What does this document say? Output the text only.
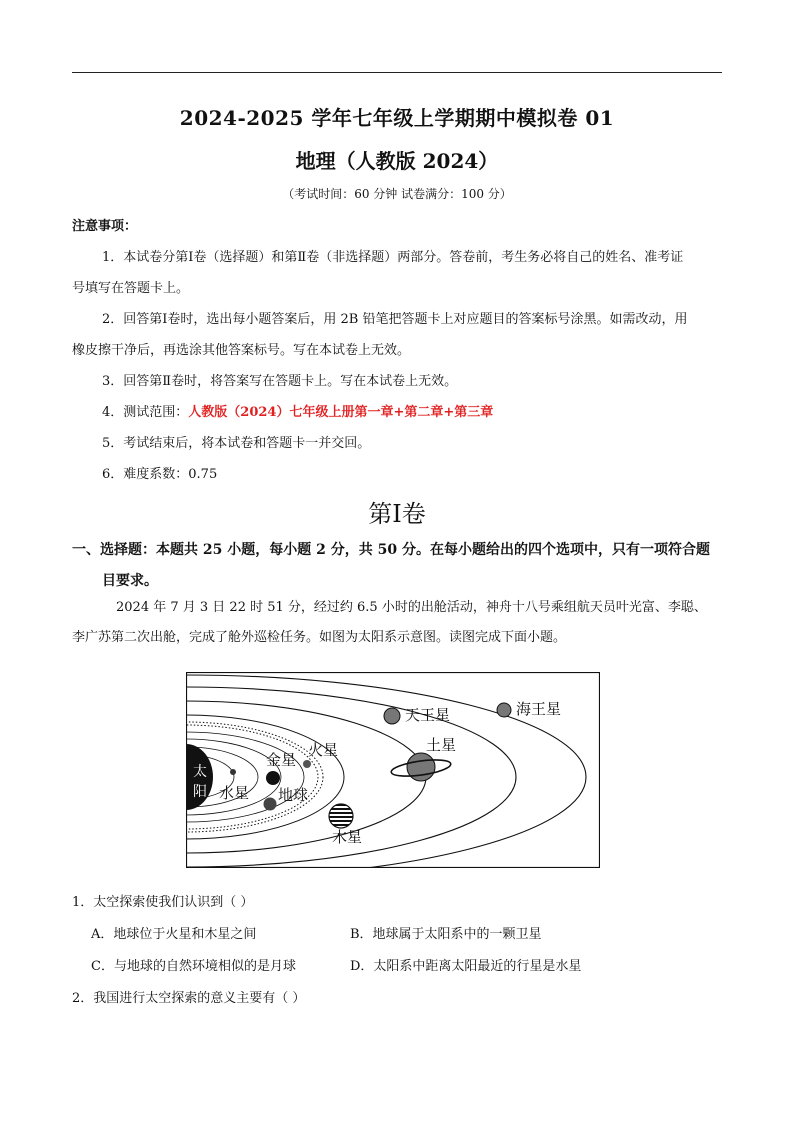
2024-2025 学年七年级上学期期中模拟卷 01
地理（人教版 2024）
（考试时间：60 分钟 试卷满分：100 分）
注意事项：
1．本试卷分第Ⅰ卷（选择题）和第Ⅱ卷（非选择题）两部分。答卷前，考生务必将自己的姓名、准考证
号填写在答题卡上。
2．回答第Ⅰ卷时，选出每小题答案后，用 2B 铅笔把答题卡上对应题目的答案标号涂黑。如需改动，用
橡皮擦干净后，再选涂其他答案标号。写在本试卷上无效。
3．回答第Ⅱ卷时，将答案写在答题卡上。写在本试卷上无效。
4．测试范围：人教版（2024）七年级上册第一章+第二章+第三章
5．考试结束后，将本试卷和答题卡一并交回。
6．难度系数：0.75
第Ⅰ卷
一、选择题：本题共 25 小题，每小题 2 分，共 50 分。在每小题给出的四个选项中，只有一项符合题
目要求。
2024 年 7 月 3 日 22 时 51 分，经过约 6.5 小时的出舱活动，神舟十八号乘组航天员叶光富、李聪、
李广苏第二次出舱，完成了舱外巡检任务。如图为太阳系示意图。读图完成下面小题。
太
阳 水星
金星
地球
火星
木星
土星
天王星	海王星
1．太空探索使我们认识到（ ）
A．地球位于火星和木星之间	B．地球属于太阳系中的一颗卫星
C．与地球的自然环境相似的是月球	D．太阳系中距离太阳最近的行星是水星
2．我国进行太空探索的意义主要有（ ）
